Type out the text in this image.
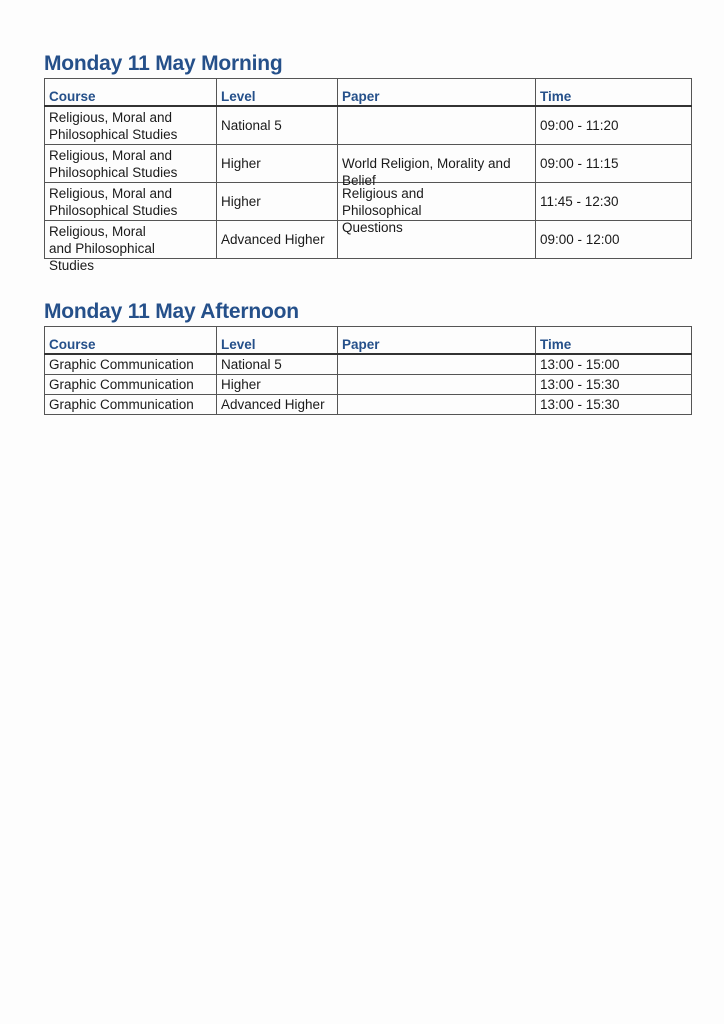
Monday 11 May Morning
Course	Level	Paper	Time
Religious, Moral and Philosophical Studies	National 5		09:00 - 11:20
Religious, Moral and Philosophical Studies	Higher	World Religion, Morality and Belief	09:00 - 11:15
Religious, Moral and Philosophical Studies	Higher	Religious and Philosophical Questions	11:45 - 12:30

Religious, Moral and Philosophical Studies	Advanced Higher		09:00 - 12:00
Monday 11 May Afternoon
Course	Level	Paper	Time
Graphic Communication	National 5		13:00 - 15:00
Graphic Communication	Higher		13:00 - 15:30
Graphic Communication	Advanced Higher		13:00 - 15:30
